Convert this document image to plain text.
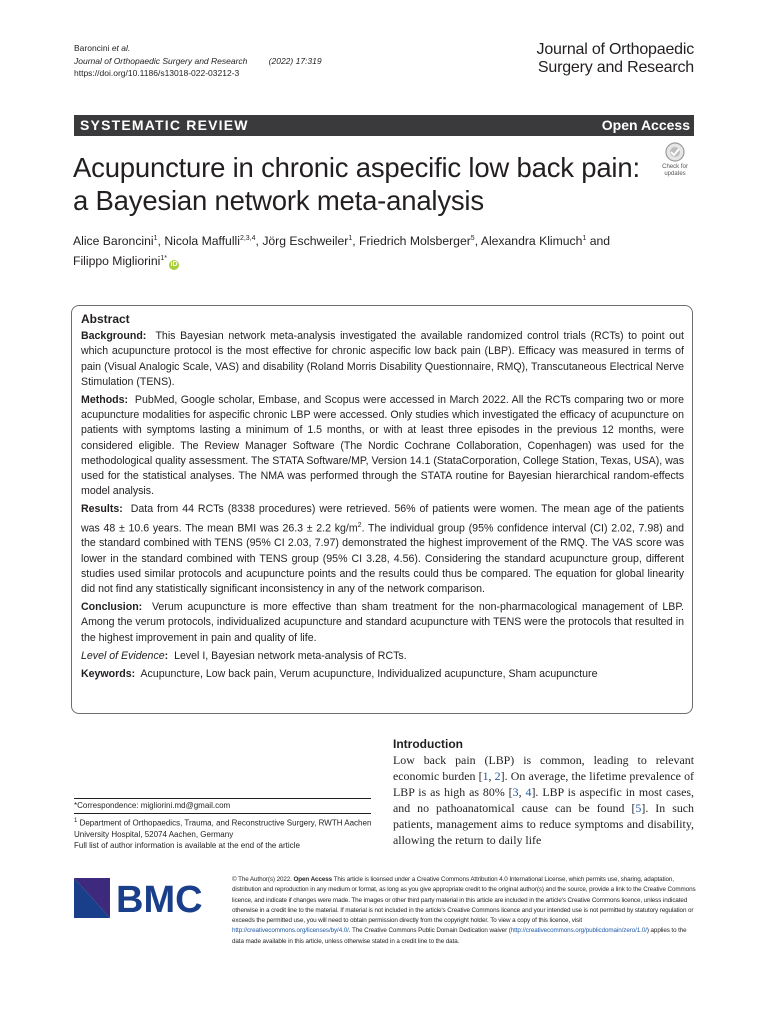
Baroncini et al.
Journal of Orthopaedic Surgery and Research	(2022) 17:319
https://doi.org/10.1186/s13018-022-03212-3
Journal of Orthopaedic
Surgery and Research
SYSTEMATIC REVIEW	Open Access
Acupuncture in chronic aspecific low back pain: a Bayesian network meta-analysis
Check for
updates
Alice Baroncini$^1$, Nicola Maffulli$^{2,3,4}$, Jörg Eschweiler$^1$, Friedrich Molsberger$^5$, Alexandra Klimuch$^1$ and
Filippo Migliorini$^{1*}$iD
Abstract

Background: This Bayesian network meta-analysis investigated the available randomized control trials (RCTs) to point out which acupuncture protocol is the most effective for chronic aspecific low back pain (LBP). Efficacy was measured in terms of pain (Visual Analogic Scale, VAS) and disability (Roland Morris Disability Questionnaire, RMQ), Transcutaneous Electrical Nerve Stimulation (TENS).

Methods: PubMed, Google scholar, Embase, and Scopus were accessed in March 2022. All the RCTs comparing two or more acupuncture modalities for aspecific chronic LBP were accessed. Only studies which investigated the efficacy of acupuncture on patients with symptoms lasting a minimum of 1.5 months, or with at least three episodes in the previous 12 months, were considered eligible. The Review Manager Software (The Nordic Cochrane Collaboration, Copenhagen) was used for the methodological quality assessment. The STATA Software/MP, Version 14.1 (StataCorporation, College Station, Texas, USA), was used for the statistical analyses. The NMA was performed through the STATA routine for Bayesian hierarchical random-effects model analysis.

Results: Data from 44 RCTs (8338 procedures) were retrieved. 56% of patients were women. The mean age of the patients was 48 ± 10.6 years. The mean BMI was 26.3 ± 2.2 $kg/m^2$. The individual group (95% confidence interval (CI) 2.02, 7.98) and the standard combined with TENS (95% CI 2.03, 7.97) demonstrated the highest improvement of the RMQ. The VAS score was lower in the standard combined with TENS group (95% CI 3.28, 4.56). Considering the standard acupuncture group, different studies used similar protocols and acupuncture points and the results could thus be compared. The equation for global linearity did not find any statistically significant inconsistency in any of the network comparison.

Conclusion: Verum acupuncture is more effective than sham treatment for the non-pharmacological management of LBP. Among the verum protocols, individualized acupuncture and standard acupuncture with TENS were the protocols that resulted in the highest improvement in pain and quality of life.

Level of Evidence: Level I, Bayesian network meta-analysis of RCTs.

Keywords: Acupuncture, Low back pain, Verum acupuncture, Individualized acupuncture, Sham acupuncture

Introduction
Low back pain (LBP) is common, leading to relevant economic burden [1, 2]. On average, the lifetime prevalence of LBP is as high as 80% [3, 4]. LBP is aspecific in most cases, and no pathoanatomical cause can be found [5]. In such patients, management aims to reduce symptoms and disability, allowing the return to daily life
*Correspondence: migliorini.md@gmail.com
$^1$ Department of Orthopaedics, Trauma, and Reconstructive Surgery, RWTH Aachen University Hospital, 52074 Aachen, Germany
Full list of author information is available at the end of the article
BMC	© The Author(s) 2022. Open Access This article is licensed under a Creative Commons Attribution 4.0 International License, which permits use, sharing, adaptation, distribution and reproduction in any medium or format, as long as you give appropriate credit to the original author(s) and the source, provide a link to the Creative Commons licence, and indicate if changes were made. The images or other third party material in this article are included in the article's Creative Commons licence, unless indicated otherwise in a credit line to the material. If material is not included in the article's Creative Commons licence and your intended use is not permitted by statutory regulation or exceeds the permitted use, you will need to obtain permission directly from the copyright holder. To view a copy of this licence, visit http://creativecommons.org/licenses/by/4.0/. The Creative Commons Public Domain Dedication waiver (http://creativecommons.org/publicdomain/zero/1.0/) applies to the data made available in this article, unless otherwise stated in a credit line to the data.
